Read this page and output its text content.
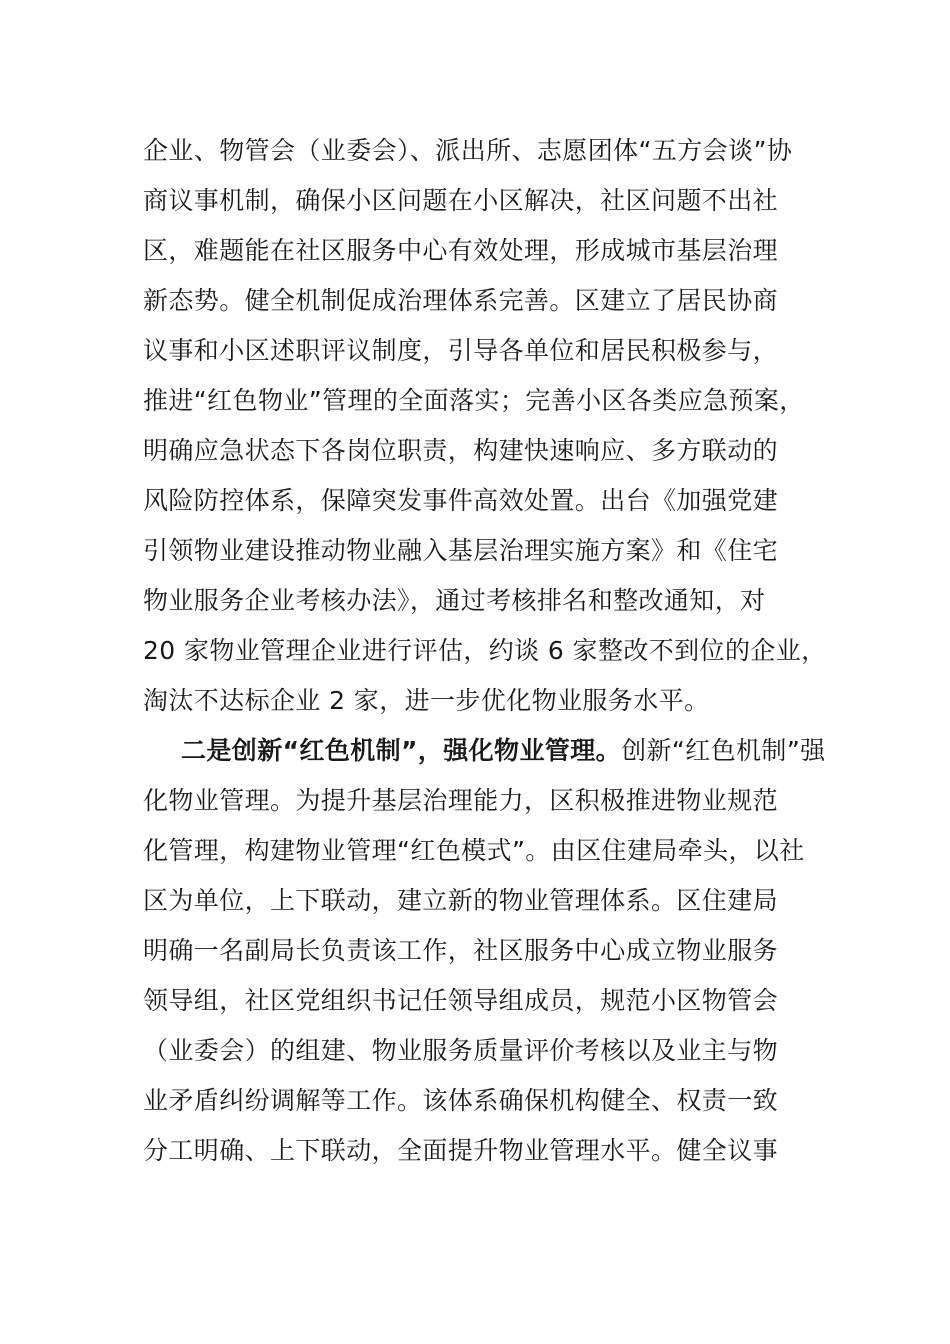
企业、物管会（业委会）、派出所、志愿团体“五方会谈”协
商议事机制，确保小区问题在小区解决，社区问题不出社
区，难题能在社区服务中心有效处理，形成城市基层治理
新态势。健全机制促成治理体系完善。区建立了居民协商
议事和小区述职评议制度，引导各单位和居民积极参与，
推进“红色物业”管理的全面落实；完善小区各类应急预案，
明确应急状态下各岗位职责，构建快速响应、多方联动的
风险防控体系，保障突发事件高效处置。出台《加强党建
引领物业建设推动物业融入基层治理实施方案》和《住宅
物业服务企业考核办法》，通过考核排名和整改通知，对
20 家物业管理企业进行评估，约谈 6 家整改不到位的企业，
淘汰不达标企业 2 家，进一步优化物业服务水平。
二是创新“红色机制”，强化物业管理。创新“红色机制”强
化物业管理。为提升基层治理能力，区积极推进物业规范
化管理，构建物业管理“红色模式”。由区住建局牵头，以社
区为单位，上下联动，建立新的物业管理体系。区住建局
明确一名副局长负责该工作，社区服务中心成立物业服务
领导组，社区党组织书记任领导组成员，规范小区物管会
（业委会）的组建、物业服务质量评价考核以及业主与物
业矛盾纠纷调解等工作。该体系确保机构健全、权责一致
分工明确、上下联动，全面提升物业管理水平。健全议事
